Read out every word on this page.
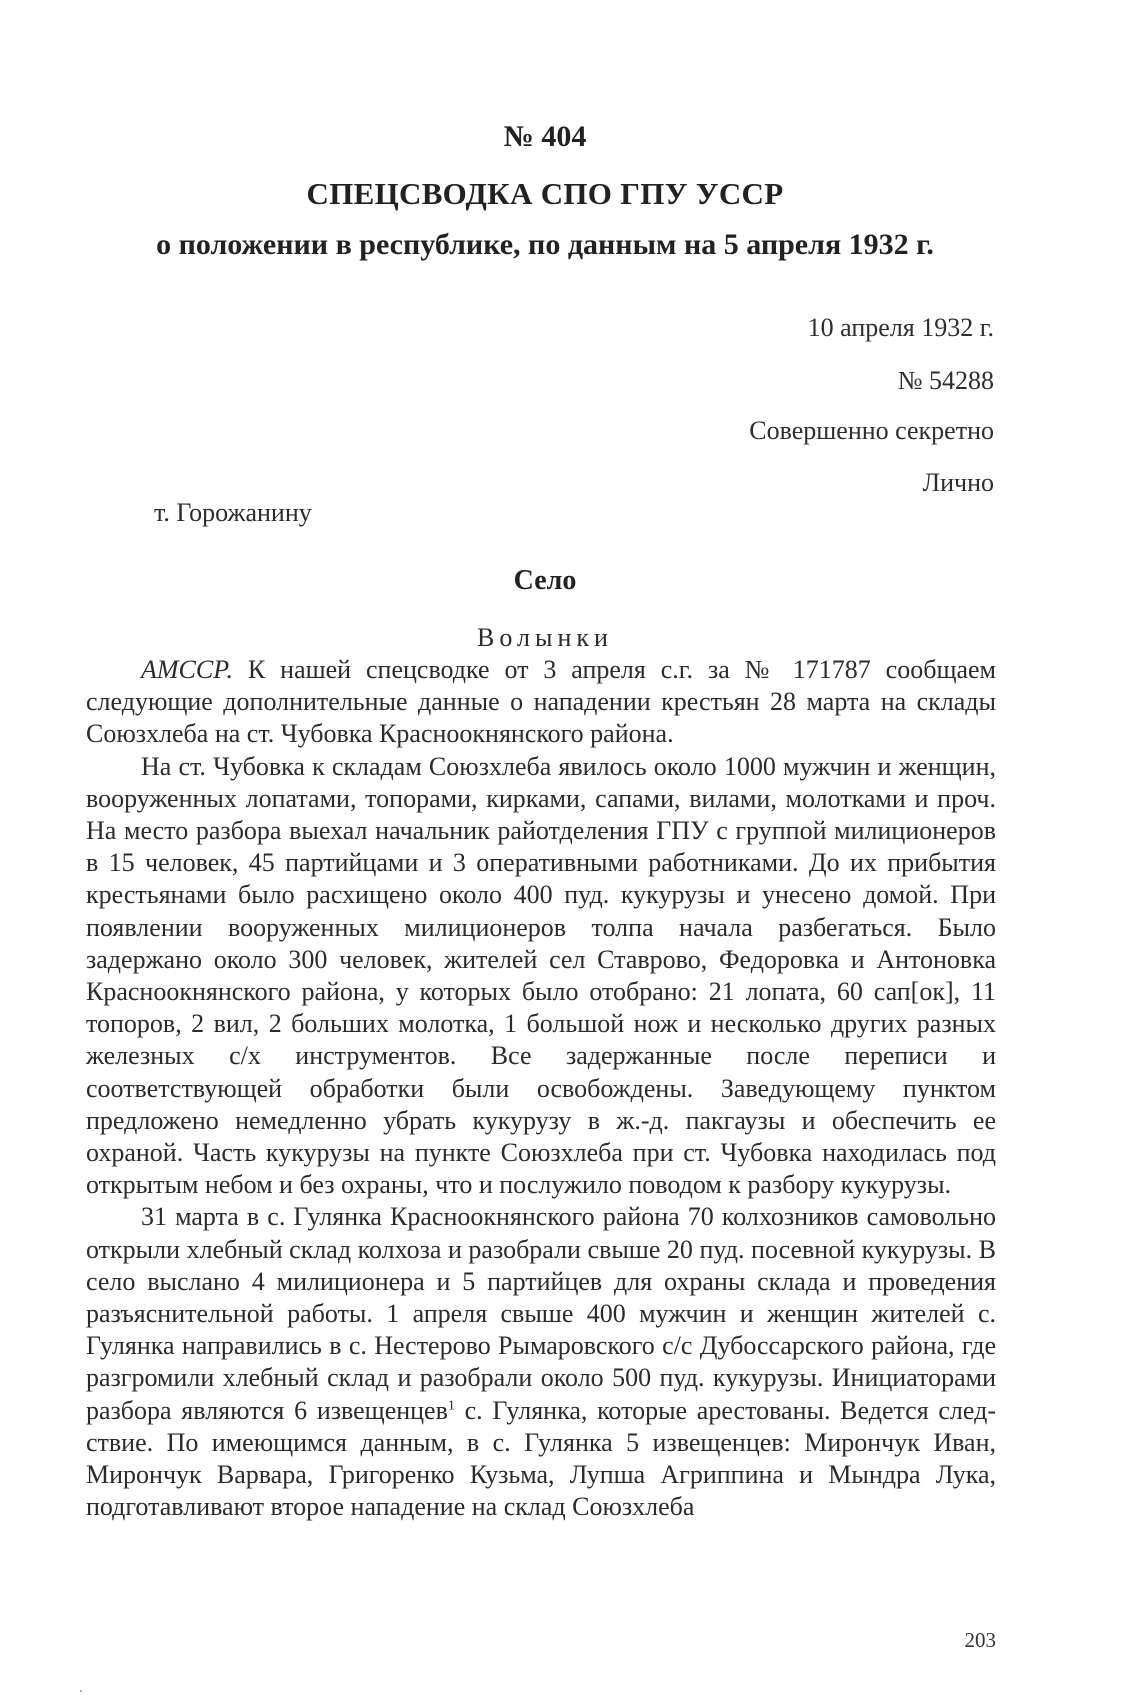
№ 404
СПЕЦСВОДКА СПО ГПУ УССР
о положении в республике, по данным на 5 апреля 1932 г.
10 апреля 1932 г.
№ 54288
Совершенно секретно
Лично
т. Горожанину
Село
Волынки

АМССР. К нашей спецсводке от 3 апреля с.г. за № 171787 сообщаем следующие дополнительные данные о нападении крестьян 28 марта на склады Союзхлеба на ст. Чубовка Красноокнянского района.

На ст. Чубовка к складам Союзхлеба явилось около 1000 мужчин и женщин, вооруженных лопатами, топорами, кирками, сапами, вилами, молотками и проч. На место разбора выехал начальник райотделения ГПУ с группой милиционеров в 15 человек, 45 партийцами и 3 оперативными работниками. До их прибытия крестьянами было расхищено около 400 пуд. кукурузы и унесено домой. При появлении вооруженных милиционеров толпа начала разбегаться. Было задержано около 300 человек, жителей сел Ставрово, Федоровка и Антоновка Красноокнянского района, у которых было отобрано: 21 лопата, 60 сап[ок], 11 топоров, 2 вил, 2 больших молотка, 1 большой нож и несколько других разных железных с/х инструментов. Все задержанные после переписи и соответствующей обработки были освобождены. Заведующему пунктом предложено немедленно убрать кукурузу в ж.-д. пакгаузы и обеспечить ее охраной. Часть кукурузы на пункте Союзхлеба при ст. Чубовка находилась под открытым небом и без охраны, что и послужило поводом к разбору кукурузы.

31 марта в с. Гулянка Красноокнянского района 70 колхозников самовольно открыли хлебный склад колхоза и разобрали свыше 20 пуд. посевной кукурузы. В село выслано 4 милиционера и 5 партийцев для охраны склада и проведения разъяснительной работы. 1 апреля свыше 400 мужчин и женщин жителей с. Гулянка направились в с. Нестерово Рымаровского с/с Дубоссарского района, где разгромили хлебный склад и разобрали около 500 пуд. кукурузы. Инициаторами разбора являются 6 извещенцев$^1$ с. Гулянка, которые арестованы. Ведется следствие. По имеющимся данным, в с. Гулянка 5 извещенцев: Мирончук Иван, Мирончук Варвара, Григоренко Кузьма, Лупша Агриппина и Мындра Лука, подготавливают второе нападение на склад Союзхлеба

203
